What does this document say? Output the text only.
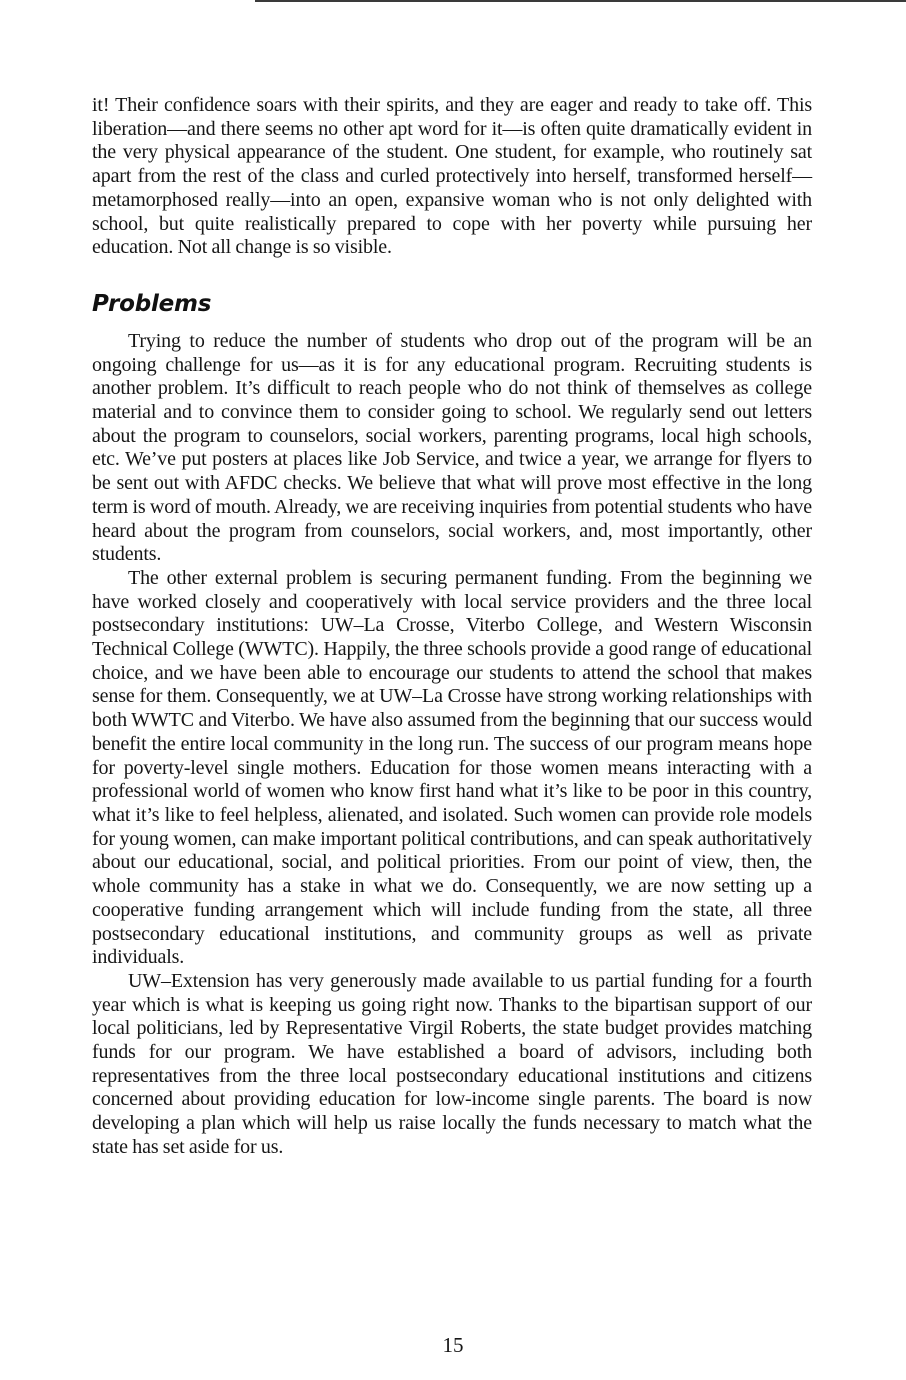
it! Their confidence soars with their spirits, and they are eager and ready to take off. This liberation—and there seems no other apt word for it—is often quite dramatically evident in the very physical appearance of the student. One student, for example, who routinely sat apart from the rest of the class and curled protectively into herself, transformed herself—metamorphosed really—into an open, expansive woman who is not only delighted with school, but quite realistically prepared to cope with her poverty while pursuing her education. Not all change is so visible.

Problems

Trying to reduce the number of students who drop out of the program will be an ongoing challenge for us—as it is for any educational program. Recruiting students is another problem. It’s difficult to reach people who do not think of themselves as college material and to convince them to consider going to school. We regularly send out letters about the program to counselors, social workers, parenting programs, local high schools, etc. We’ve put posters at places like Job Service, and twice a year, we arrange for flyers to be sent out with AFDC checks. We believe that what will prove most effective in the long term is word of mouth. Already, we are receiving inquiries from potential students who have heard about the program from counselors, social workers, and, most importantly, other students.

The other external problem is securing permanent funding. From the beginning we have worked closely and cooperatively with local service providers and the three local postsecondary institutions: UW–La Crosse, Viterbo College, and Western Wisconsin Technical College (WWTC). Happily, the three schools provide a good range of educational choice, and we have been able to encourage our students to attend the school that makes sense for them. Consequently, we at UW–La Crosse have strong working relationships with both WWTC and Viterbo. We have also assumed from the beginning that our success would benefit the entire local community in the long run. The success of our program means hope for poverty-level single mothers. Education for those women means interacting with a professional world of women who know first hand what it’s like to be poor in this country, what it’s like to feel helpless, alienated, and isolated. Such women can provide role models for young women, can make important political contributions, and can speak authoritatively about our educational, social, and political priorities. From our point of view, then, the whole community has a stake in what we do. Consequently, we are now setting up a cooperative funding arrangement which will include funding from the state, all three postsecondary educational institutions, and community groups as well as private individuals.

UW–Extension has very generously made available to us partial funding for a fourth year which is what is keeping us going right now. Thanks to the bipartisan support of our local politicians, led by Representative Virgil Roberts, the state budget provides matching funds for our program. We have established a board of advisors, including both representatives from the three local postsecondary educational institutions and citizens concerned about providing education for low-income single parents. The board is now developing a plan which will help us raise locally the funds necessary to match what the state has set aside for us.

15
